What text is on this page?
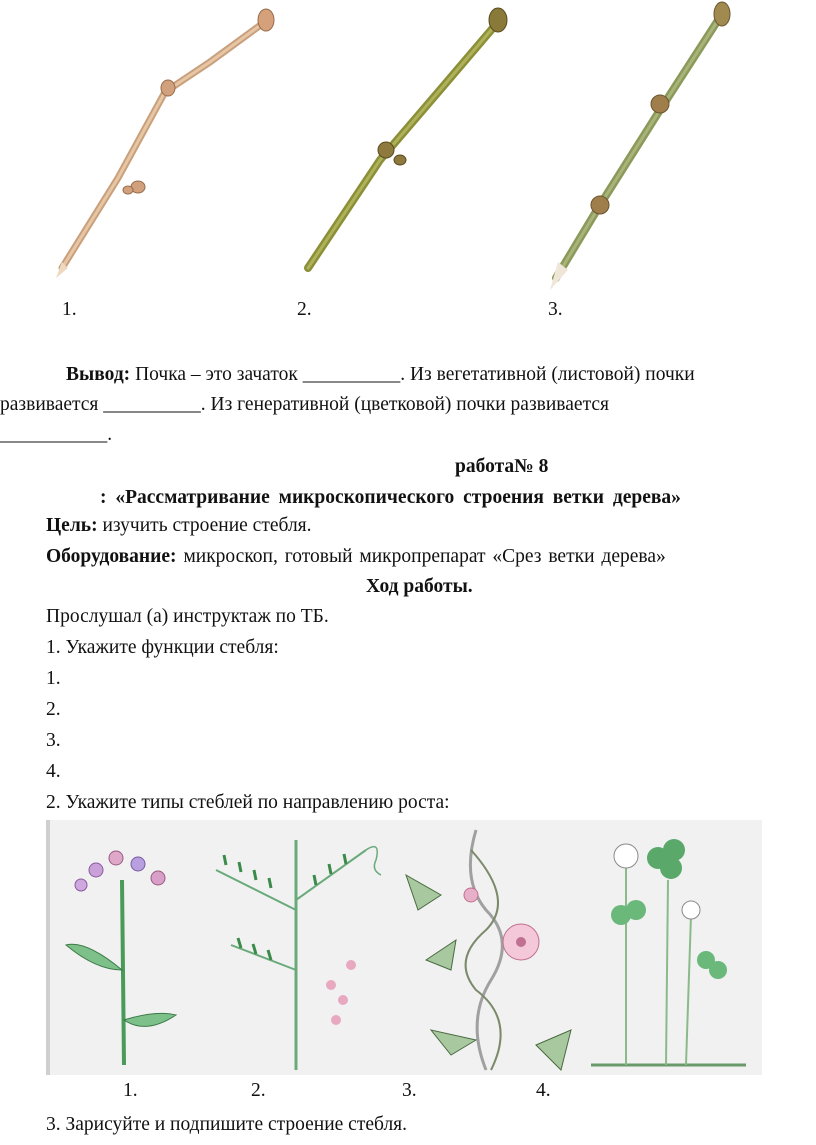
1.	2.	3.
Вывод: Почка – это зачаток __________. Из вегетативной (листовой) почки
развивается __________. Из генеративной (цветковой) почки развивается
___________.
работа№ 8
: «Рассматривание микроскопического строения ветки дерева»
Цель: изучить строение стебля.
Оборудование: микроскоп, готовый микропрепарат «Срез ветки дерева»
Ход работы.
Прослушал (а) инструктаж по ТБ.
1. Укажите функции стебля:
1.
2.
3.
4.
2. Укажите типы стеблей по направлению роста:
1.	2.	3.	4.
3. Зарисуйте и подпишите строение стебля.
